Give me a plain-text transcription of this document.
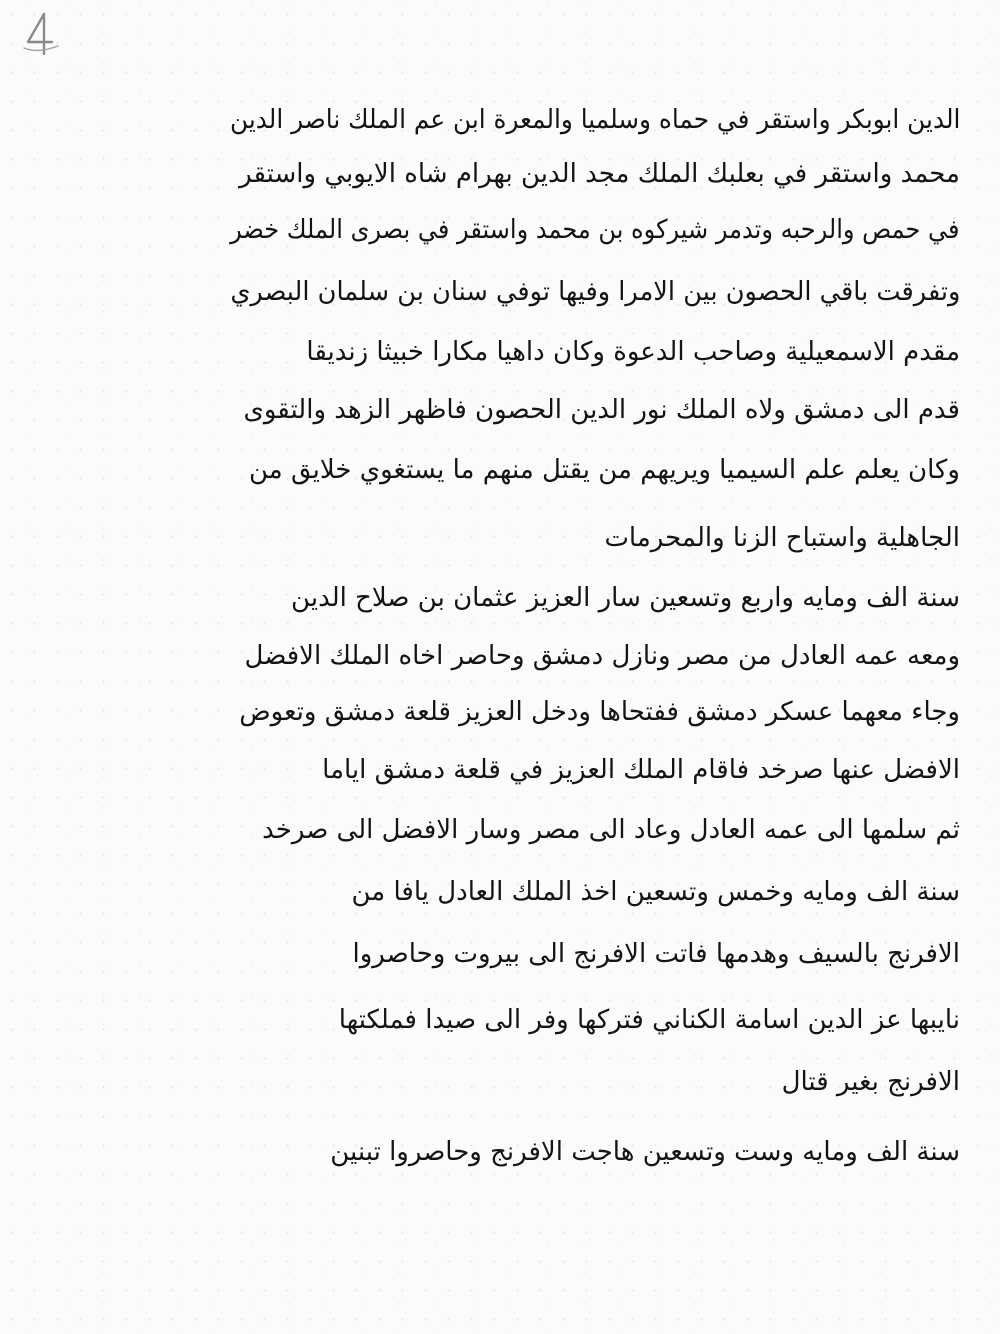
الدين ابوبكر واستقر في حماه وسلميا والمعرة ابن عم الملك ناصر الدين
محمد واستقر في بعلبك الملك مجد الدين بهرام شاه الايوبي واستقر
في حمص والرحبه وتدمر شيركوه بن محمد واستقر في بصرى الملك خضر
وتفرقت باقي الحصون بين الامرا وفيها توفي سنان بن سلمان البصري
مقدم الاسمعيلية وصاحب الدعوة وكان داهيا مكارا خبيثا زنديقا
قدم الى دمشق ولاه الملك نور الدين الحصون فاظهر الزهد والتقوى
وكان يعلم علم السيميا ويريهم من يقتل منهم ما يستغوي خلايق من
الجاهلية واستباح الزنا والمحرمات
سنة الف ومايه واربع وتسعين سار العزيز عثمان بن صلاح الدين
ومعه عمه العادل من مصر ونازل دمشق وحاصر اخاه الملك الافضل
وجاء معهما عسكر دمشق ففتحاها ودخل العزيز قلعة دمشق وتعوض
الافضل عنها صرخد فاقام الملك العزيز في قلعة دمشق اياما
ثم سلمها الى عمه العادل وعاد الى مصر وسار الافضل الى صرخد
سنة الف ومايه وخمس وتسعين اخذ الملك العادل يافا من
الافرنج بالسيف وهدمها فاتت الافرنج الى بيروت وحاصروا
نايبها عز الدين اسامة الكناني فتركها وفر الى صيدا فملكتها
الافرنج بغير قتال
سنة الف ومايه وست وتسعين هاجت الافرنج وحاصروا تبنين
